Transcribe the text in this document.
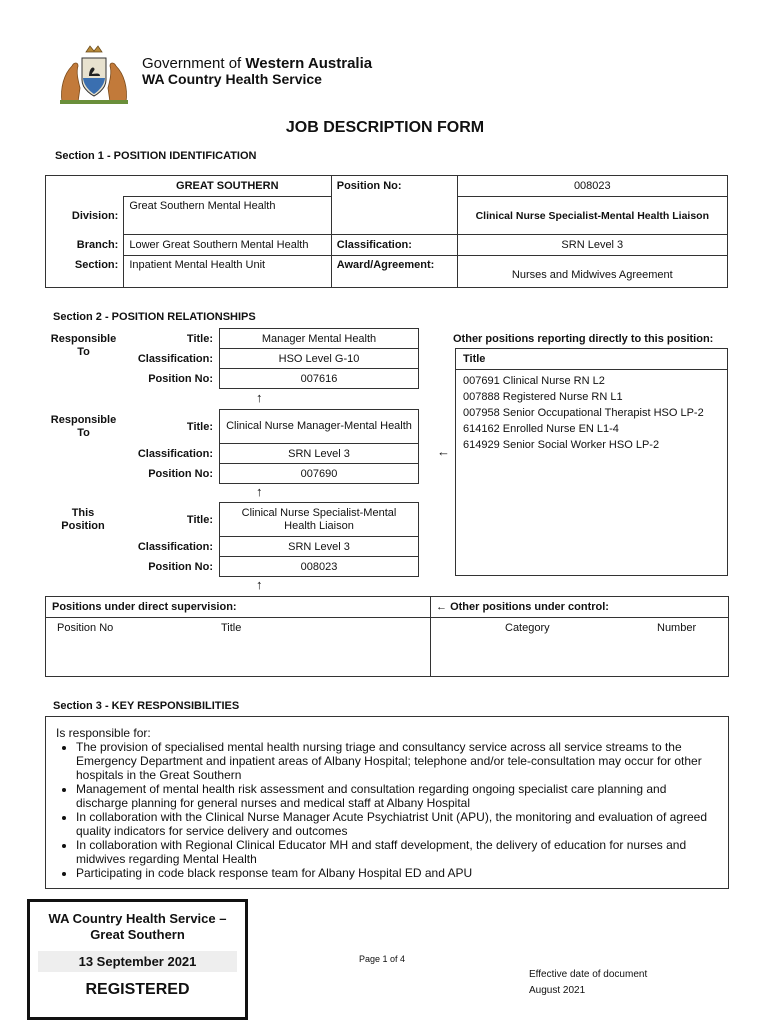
Government of Western Australia
WA Country Health Service
JOB DESCRIPTION FORM
Section 1 - POSITION IDENTIFICATION
	GREAT SOUTHERN	Position No:	008023
Division:	Great Southern Mental Health		Clinical Nurse Specialist-Mental Health Liaison
Branch:	Lower Great Southern Mental Health	Classification:	SRN Level 3
Section:	Inpatient Mental Health Unit	Award/Agreement:	Nurses and Midwives Agreement
Section 2 - POSITION RELATIONSHIPS
Responsible To
Responsible To
This Position
Title:	Manager Mental Health
Classification:	HSO Level G-10
Position No:	007616
↑
Title:	Clinical Nurse Manager-Mental Health
Classification:	SRN Level 3
Position No:	007690
↑
←
Title:	Clinical Nurse Specialist-Mental Health Liaison
Classification:	SRN Level 3
Position No:	008023
↑
Other positions reporting directly to this position:
Title
007691 Clinical Nurse RN L2
007888 Registered Nurse RN L1
007958 Senior Occupational Therapist HSO LP-2
614162 Enrolled Nurse EN L1-4
614929 Senior Social Worker HSO LP-2
Positions under direct supervision:
Position No	Title
← Other positions under control:
Category	Number
Section 3 - KEY RESPONSIBILITIES
Is responsible for:
• The provision of specialised mental health nursing triage and consultancy service across all service streams to the Emergency Department and inpatient areas of Albany Hospital; telephone and/or tele-consultation may occur for other hospitals in the Great Southern
• Management of mental health risk assessment and consultation regarding ongoing specialist care planning and discharge planning for general nurses and medical staff at Albany Hospital
• In collaboration with the Clinical Nurse Manager Acute Psychiatrist Unit (APU), the monitoring and evaluation of agreed quality indicators for service delivery and outcomes
• In collaboration with Regional Clinical Educator MH and staff development, the delivery of education for nurses and midwives regarding Mental Health
• Participating in code black response team for Albany Hospital ED and APU
WA Country Health Service –
Great Southern
13 September 2021
REGISTERED
Page 1 of 4
Effective date of document
August 2021
